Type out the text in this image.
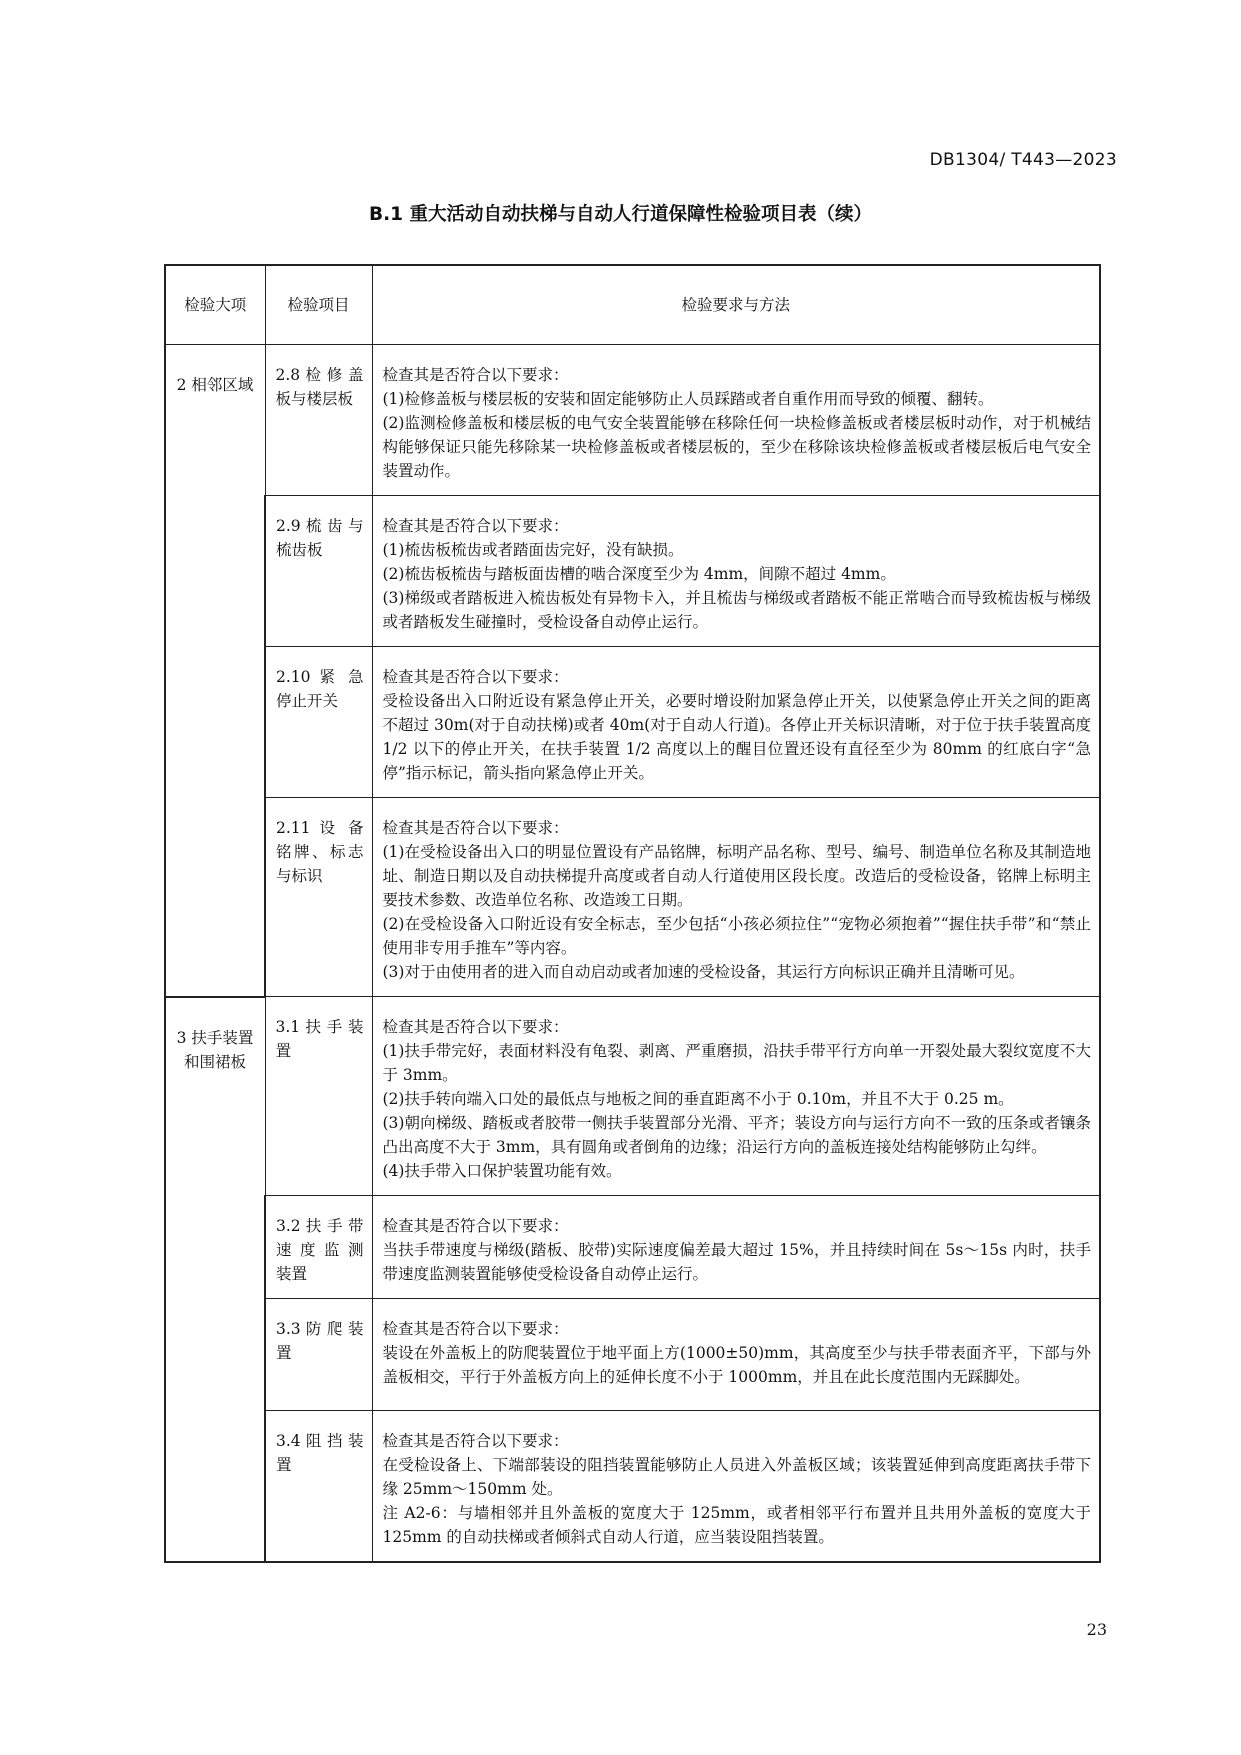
DB1304/ T443—2023
B.1 重大活动自动扶梯与自动人行道保障性检验项目表（续）
检验大项	检验项目	检验要求与方法
2 相邻区域	2.8 检 修 盖板与楼层板	检查其是否符合以下要求：
(1)检修盖板与楼层板的安装和固定能够防止人员踩踏或者自重作用而导致的倾覆、翻转。
(2)监测检修盖板和楼层板的电气安全装置能够在移除任何一块检修盖板或者楼层板时动作，对于机械结构能够保证只能先移除某一块检修盖板或者楼层板的，至少在移除该块检修盖板或者楼层板后电气安全装置动作。

	2.9 梳 齿 与梳齿板	检查其是否符合以下要求：
(1)梳齿板梳齿或者踏面齿完好，没有缺损。
(2)梳齿板梳齿与踏板面齿槽的啮合深度至少为 4mm，间隙不超过 4mm。
(3)梯级或者踏板进入梳齿板处有异物卡入，并且梳齿与梯级或者踏板不能正常啮合而导致梳齿板与梯级或者踏板发生碰撞时，受检设备自动停止运行。

	2.10 紧 急 停止开关	检查其是否符合以下要求：
受检设备出入口附近设有紧急停止开关，必要时增设附加紧急停止开关，以使紧急停止开关之间的距离不超过 30m(对于自动扶梯)或者 40m(对于自动人行道)。各停止开关标识清晰，对于位于扶手装置高度 1/2 以下的停止开关，在扶手装置 1/2 高度以上的醒目位置还设有直径至少为 80mm 的红底白字“急停”指示标记，箭头指向紧急停止开关。

	2.11 设 备 铭牌、标志与标识	检查其是否符合以下要求：
(1)在受检设备出入口的明显位置设有产品铭牌，标明产品名称、型号、编号、制造单位名称及其制造地址、制造日期以及自动扶梯提升高度或者自动人行道使用区段长度。改造后的受检设备，铭牌上标明主要技术参数、改造单位名称、改造竣工日期。
(2)在受检设备入口附近设有安全标志，至少包括“小孩必须拉住”“宠物必须抱着”“握住扶手带”和“禁止使用非专用手推车”等内容。
(3)对于由使用者的进入而自动启动或者加速的受检设备，其运行方向标识正确并且清晰可见。

3 扶手装置和围裙板	3.1 扶 手 装置	检查其是否符合以下要求：
(1)扶手带完好，表面材料没有龟裂、剥离、严重磨损，沿扶手带平行方向单一开裂处最大裂纹宽度不大于 3mm。
(2)扶手转向端入口处的最低点与地板之间的垂直距离不小于 0.10m，并且不大于 0.25 m。
(3)朝向梯级、踏板或者胶带一侧扶手装置部分光滑、平齐；装设方向与运行方向不一致的压条或者镶条凸出高度不大于 3mm，具有圆角或者倒角的边缘；沿运行方向的盖板连接处结构能够防止勾绊。
(4)扶手带入口保护装置功能有效。

	3.2 扶 手 带 速 度 监 测装置	检查其是否符合以下要求：
当扶手带速度与梯级(踏板、胶带)实际速度偏差最大超过 15%，并且持续时间在 5s～15s 内时，扶手带速度监测装置能够使受检设备自动停止运行。

	3.3 防 爬 装置	检查其是否符合以下要求：
装设在外盖板上的防爬装置位于地平面上方(1000±50)mm，其高度至少与扶手带表面齐平，下部与外盖板相交，平行于外盖板方向上的延伸长度不小于 1000mm，并且在此长度范围内无踩脚处。

	3.4 阻 挡 装置	检查其是否符合以下要求：
在受检设备上、下端部装设的阻挡装置能够防止人员进入外盖板区域；该装置延伸到高度距离扶手带下缘 25mm～150mm 处。
注 A2-6：与墙相邻并且外盖板的宽度大于 125mm，或者相邻平行布置并且共用外盖板的宽度大于 125mm 的自动扶梯或者倾斜式自动人行道，应当装设阻挡装置。
23
